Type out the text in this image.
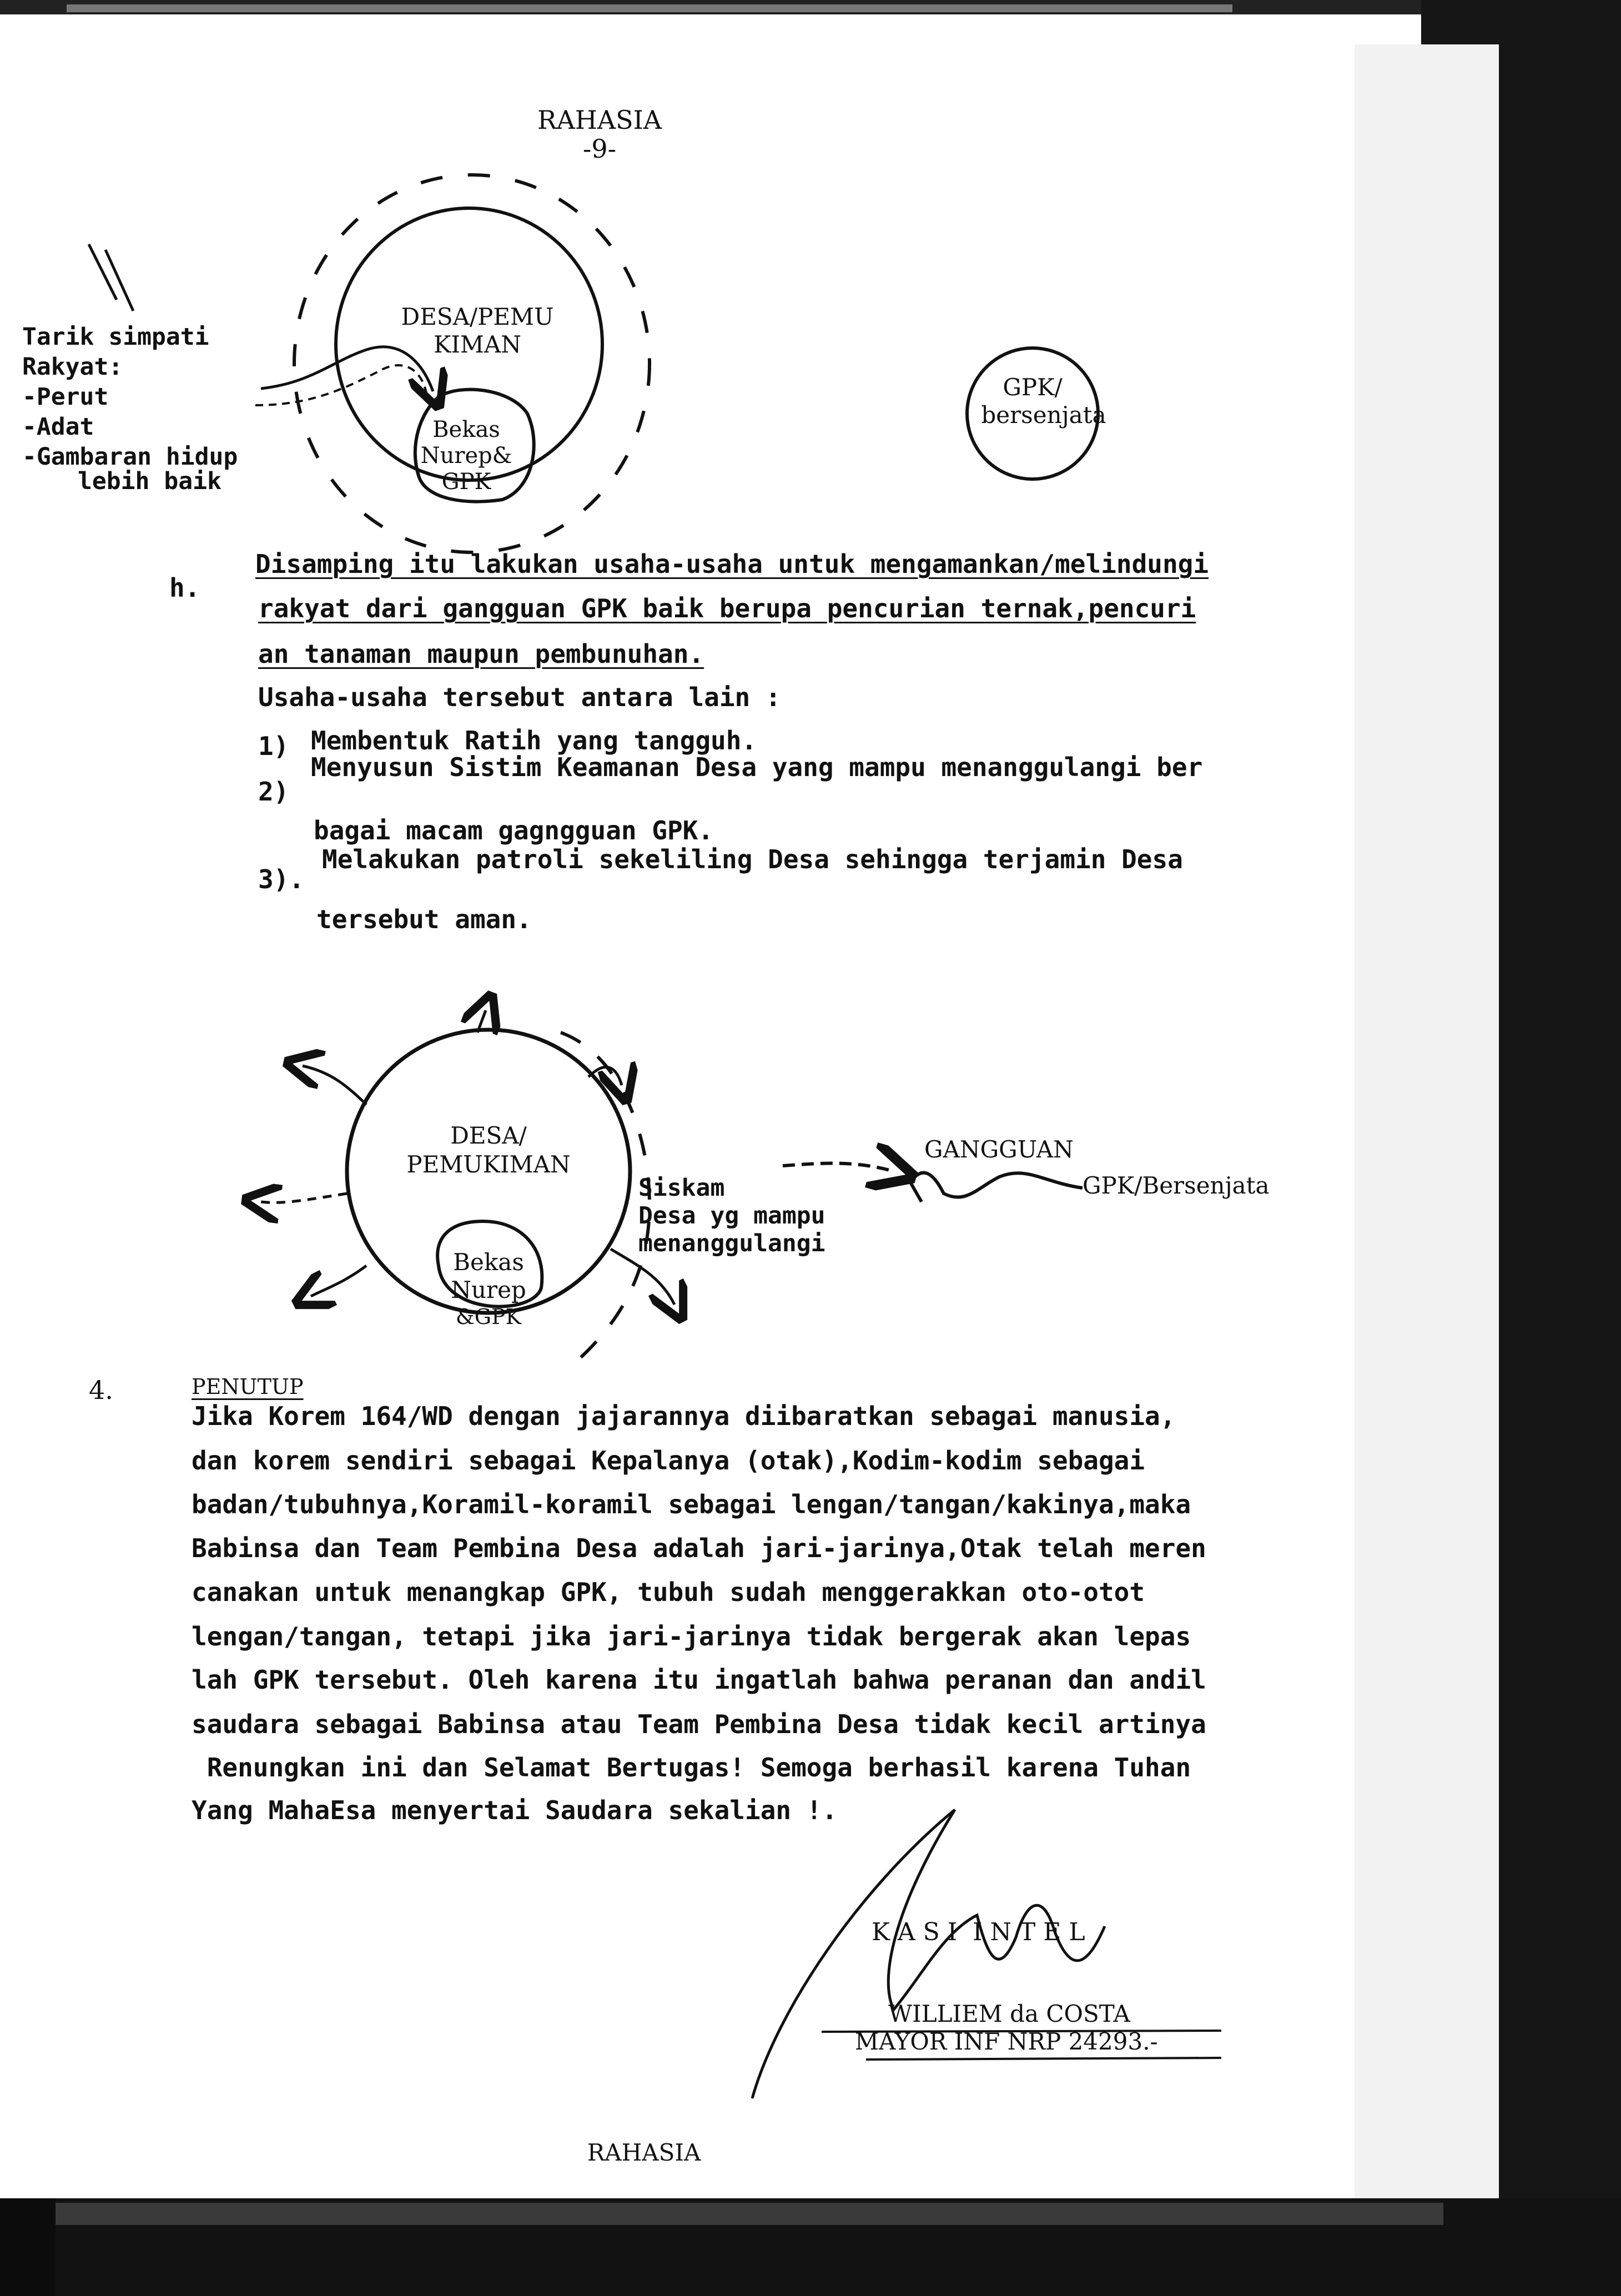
RAHASIA
-9-
Tarik simpati
Rakyat:
-Perut
-Adat
-Gambaran hidup
lebih baik
DESA/PEMU
KIMAN
Bekas
Nurep&
GPK
GPK/
bersenjata
h.
Disamping itu lakukan usaha-usaha untuk mengamankan/melindungi
rakyat dari gangguan GPK baik berupa pencurian ternak,pencuri
an tanaman maupun pembunuhan.
Usaha-usaha tersebut antara lain :
1) Membentuk Ratih yang tangguh.
2)
Menyusun Sistim Keamanan Desa yang mampu menanggulangi ber
bagai macam gagngguan GPK.
3).
Melakukan patroli sekeliling Desa sehingga terjamin Desa
tersebut aman.
DESA/
PEMUKIMAN
Bekas
Nurep
&GPK
Siskam
Desa yg mampu
menanggulangi
GANGGUAN
GPK/Bersenjata
4.	PENUTUP
Jika Korem 164/WD dengan jajarannya diibaratkan sebagai manusia,
dan korem sendiri sebagai Kepalanya (otak),Kodim-kodim sebagai
badan/tubuhnya,Koramil-koramil sebagai lengan/tangan/kakinya,maka
Babinsa dan Team Pembina Desa adalah jari-jarinya,Otak telah meren
canakan untuk menangkap GPK, tubuh sudah menggerakkan oto-otot
lengan/tangan, tetapi jika jari-jarinya tidak bergerak akan lepas
lah GPK tersebut. Oleh karena itu ingatlah bahwa peranan dan andil
saudara sebagai Babinsa atau Team Pembina Desa tidak kecil artinya
Renungkan ini dan Selamat Bertugas! Semoga berhasil karena Tuhan
Yang MahaEsa menyertai Saudara sekalian !.
K A S I  I N T E L
WILLIEM da COSTA
MAYOR INF NRP 24293.-
RAHASIA
